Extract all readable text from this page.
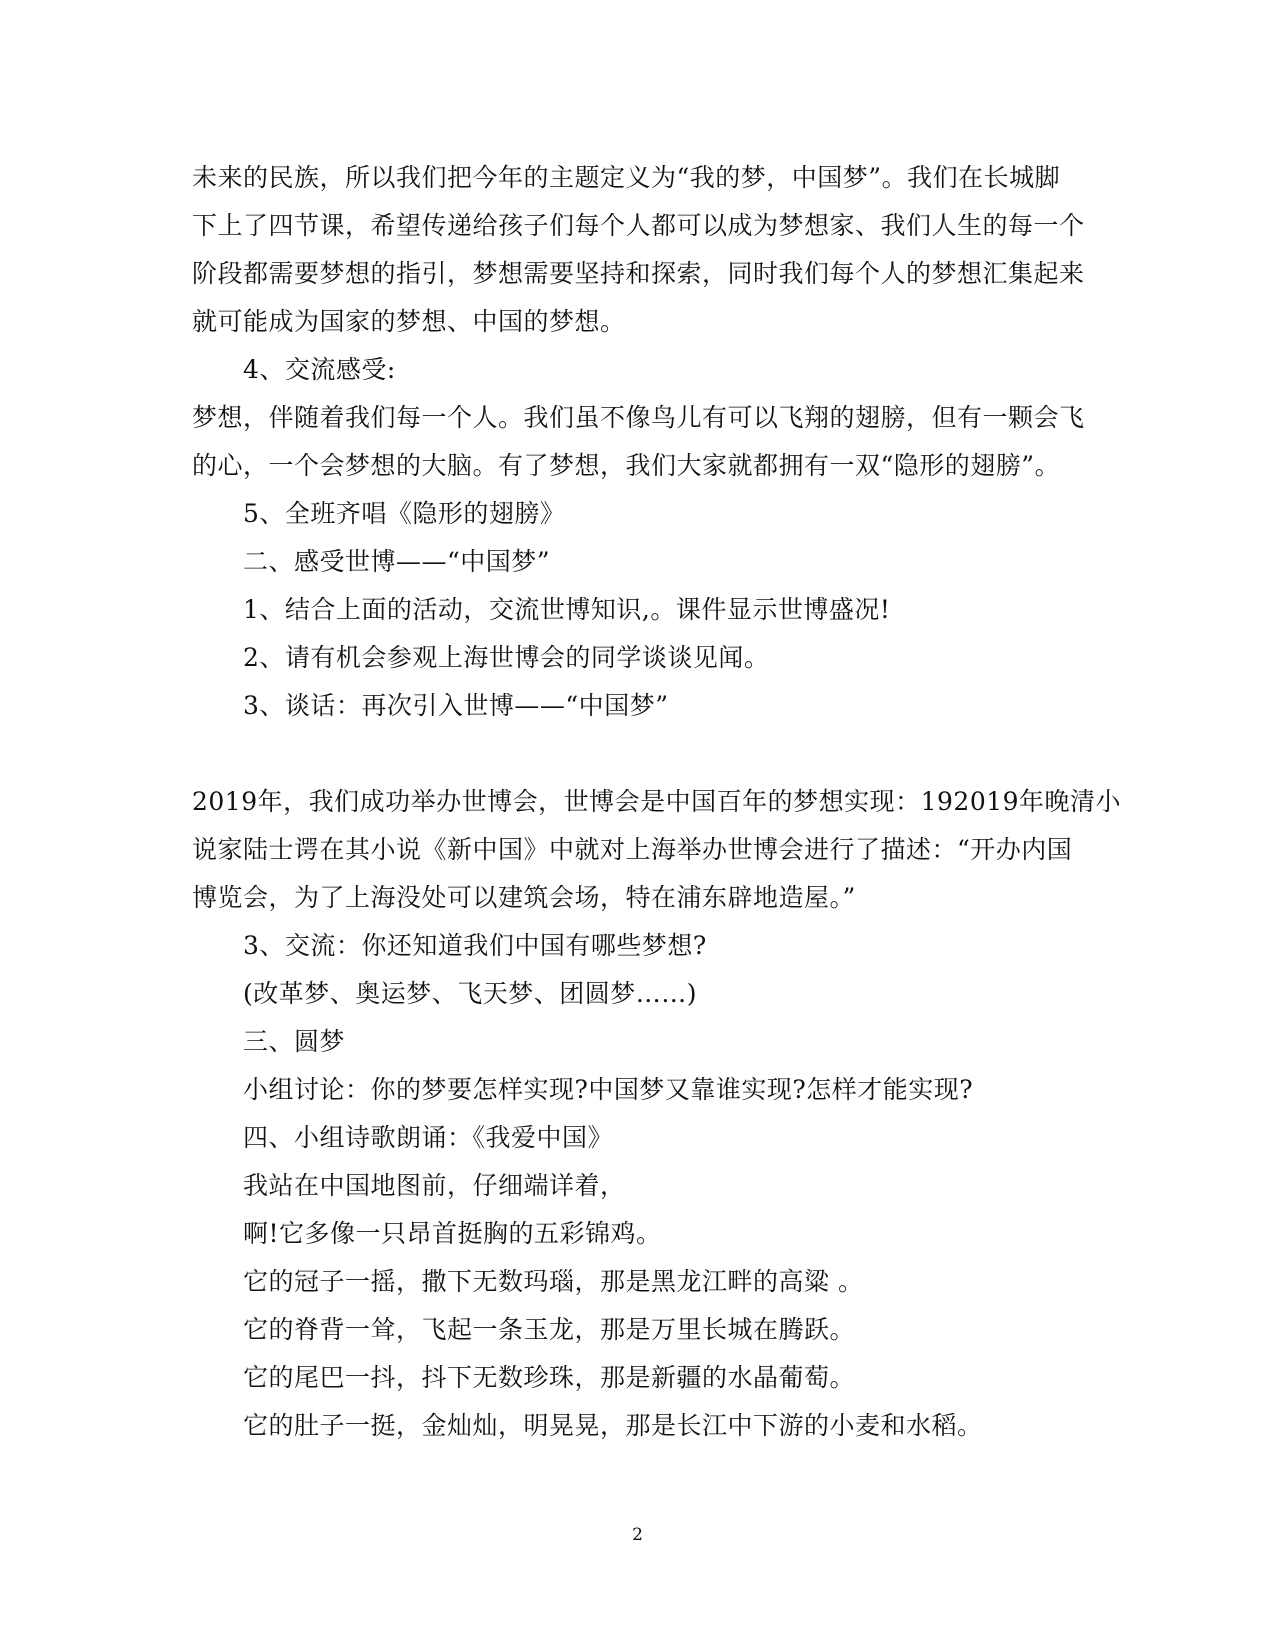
未来的民族，所以我们把今年的主题定义为“我的梦，中国梦”。我们在长城脚
下上了四节课，希望传递给孩子们每个人都可以成为梦想家、我们人生的每一个
阶段都需要梦想的指引，梦想需要坚持和探索，同时我们每个人的梦想汇集起来
就可能成为国家的梦想、中国的梦想。
4、交流感受:
梦想，伴随着我们每一个人。我们虽不像鸟儿有可以飞翔的翅膀，但有一颗会飞
的心，一个会梦想的大脑。有了梦想，我们大家就都拥有一双“隐形的翅膀”。
5、全班齐唱《隐形的翅膀》
二、感受世博——“中国梦”
1、结合上面的活动，交流世博知识,。课件显示世博盛况!
2、请有机会参观上海世博会的同学谈谈见闻。
3、谈话：再次引入世博——“中国梦”
2019年，我们成功举办世博会，世博会是中国百年的梦想实现：192019年晚清小
说家陆士谔在其小说《新中国》中就对上海举办世博会进行了描述：“开办内国
博览会，为了上海没处可以建筑会场，特在浦东辟地造屋。”
3、交流：你还知道我们中国有哪些梦想?
(改革梦、奥运梦、飞天梦、团圆梦……)
三、圆梦
小组讨论：你的梦要怎样实现?中国梦又靠谁实现?怎样才能实现?
四、小组诗歌朗诵：《我爱中国》
我站在中国地图前，仔细端详着，
啊!它多像一只昂首挺胸的五彩锦鸡。
它的冠子一摇，撒下无数玛瑙，那是黑龙江畔的高粱 。
它的脊背一耸，飞起一条玉龙，那是万里长城在腾跃。
它的尾巴一抖，抖下无数珍珠，那是新疆的水晶葡萄。
它的肚子一挺，金灿灿，明晃晃，那是长江中下游的小麦和水稻。
2
